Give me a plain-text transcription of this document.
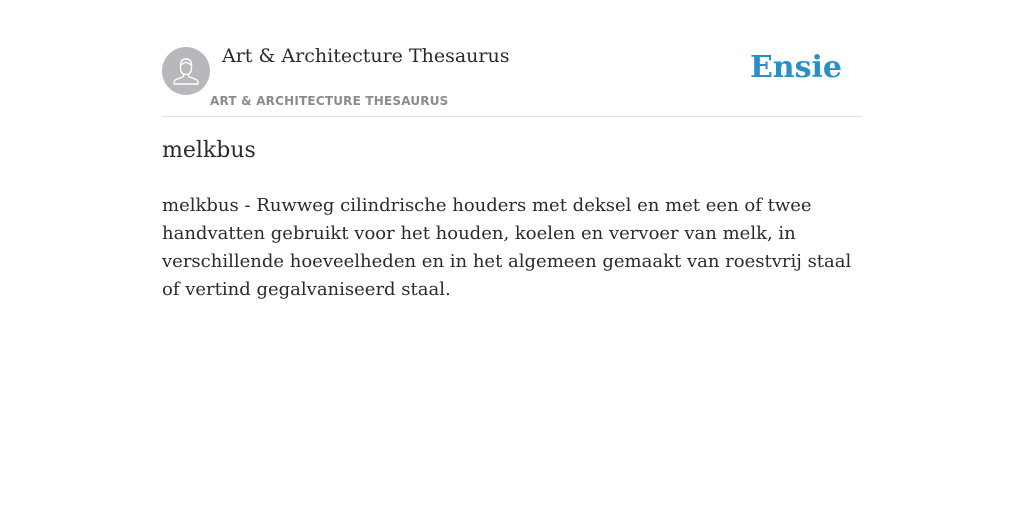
Art & Architecture Thesaurus
ART & ARCHITECTURE THESAURUS
Ensie
melkbus

melkbus - Ruwweg cilindrische houders met deksel en met een of twee handvatten gebruikt voor het houden, koelen en vervoer van melk, in verschillende hoeveelheden en in het algemeen gemaakt van roestvrij staal of vertind gegalvaniseerd staal.
